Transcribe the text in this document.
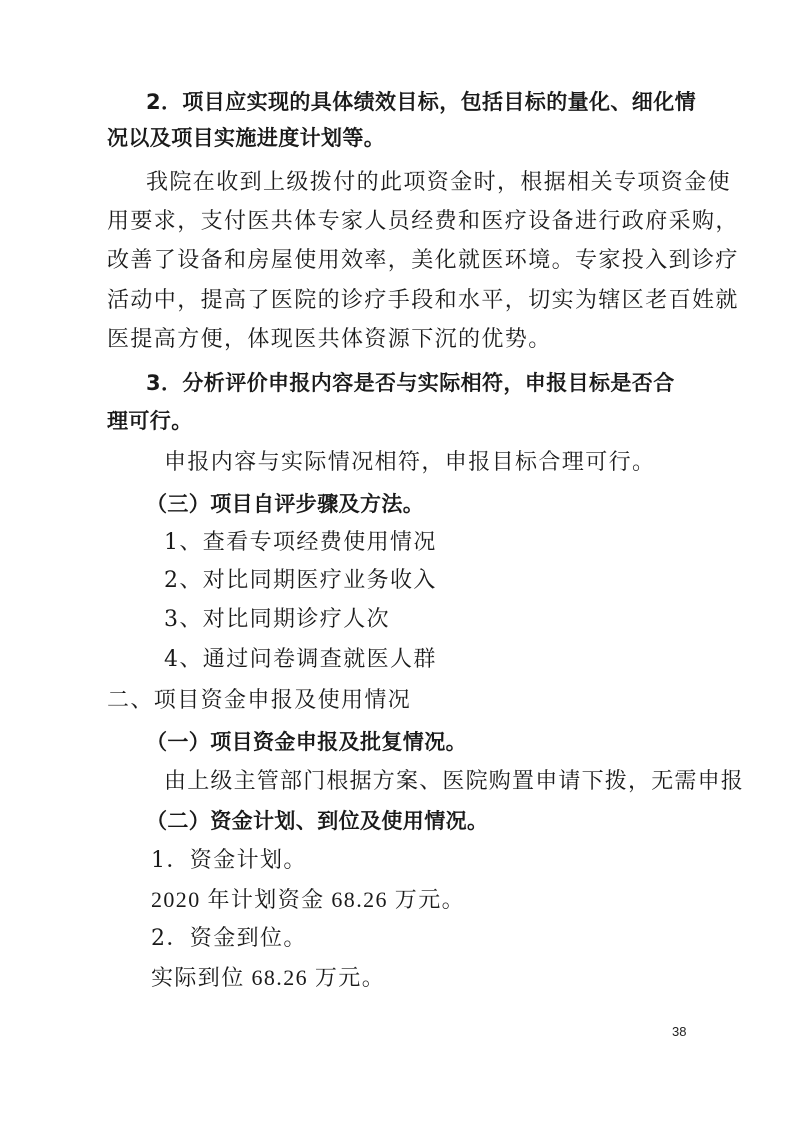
2．项目应实现的具体绩效目标，包括目标的量化、细化情
况以及项目实施进度计划等。
我院在收到上级拨付的此项资金时，根据相关专项资金使
用要求，支付医共体专家人员经费和医疗设备进行政府采购，
改善了设备和房屋使用效率，美化就医环境。专家投入到诊疗
活动中，提高了医院的诊疗手段和水平，切实为辖区老百姓就
医提高方便，体现医共体资源下沉的优势。
3．分析评价申报内容是否与实际相符，申报目标是否合
理可行。
申报内容与实际情况相符，申报目标合理可行。
（三）项目自评步骤及方法。
1、查看专项经费使用情况
2、对比同期医疗业务收入
3、对比同期诊疗人次
4、通过问卷调查就医人群
二、项目资金申报及使用情况
（一）项目资金申报及批复情况。
由上级主管部门根据方案、医院购置申请下拨，无需申报
（二）资金计划、到位及使用情况。
1．资金计划。
2020 年计划资金 68.26 万元。
2．资金到位。
实际到位 68.26 万元。
38
